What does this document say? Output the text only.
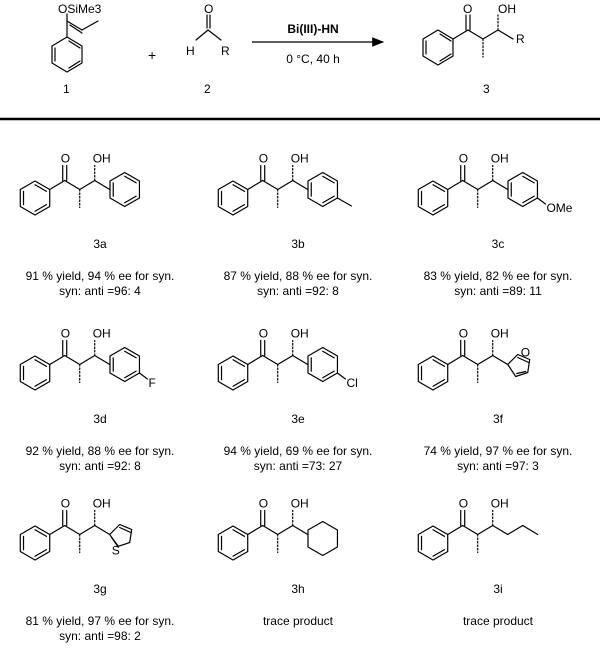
OSiMe3
1
+
O
H R
2
Bi(III)-HN
0 °C, 40 h
O OH
R
3
O OH
3a
91 % yield, 94 % ee for syn.
syn: anti =96: 4
O OH
3b
87 % yield, 88 % ee for syn.
syn: anti =92: 8
O OH
OMe
3c
83 % yield, 82 % ee for syn.
syn: anti =89: 11
O OH
F
3d
92 % yield, 88 % ee for syn.
syn: anti =92: 8
O OH
Cl
3e
94 % yield, 69 % ee for syn.
syn: anti =73: 27
O OH
O
3f
74 % yield, 97 % ee for syn.
syn: anti =97: 3
O OH
S
3g
81 % yield, 97 % ee for syn.
syn: anti =98: 2
O OH
3h
trace product
O OH
3i
trace product
